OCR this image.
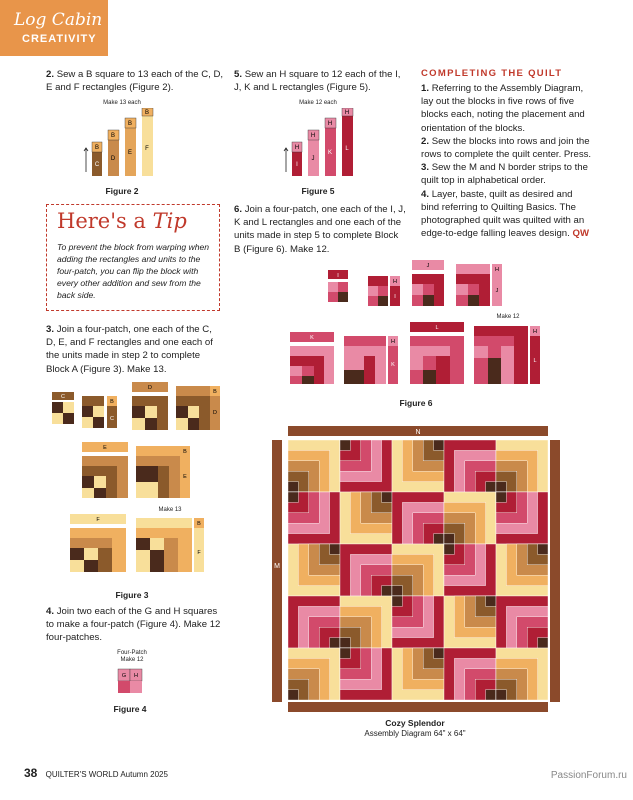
Log Cabin
CREATIVITY
2. Sew a B square to 13 each of the C, D, E and F rectangles (Figure 2).
Make 13 each
C
D
E
F
B
B
B
B
Figure 2
Here's a Tip
To prevent the block from warping when adding the rectangles and units to the four-patch, you can flip the block with every other addition and sew from the back side.
3. Join a four-patch, one each of the C, D, E, and F rectangles and one each of the units made in step 2 to complete Block A (Figure 3). Make 13.
C
B
C
D
B
D
E
B
E
F
B
F
Make 13
Figure 3
4. Join two each of the G and H squares to make a four-patch (Figure 4). Make 12 four-patches.
Four-Patch
Make 12
G H
Figure 4
5. Sew an H square to 12 each of the I, J, K and L rectangles (Figure 5).
Make 12 each
I
J
K
L
H
H
H
H
Figure 5
6. Join a four-patch, one each of the I, J, K and L rectangles and one each of the units made in step 5 to complete Block B (Figure 6). Make 12.
COMPLETING THE QUILT
1. Referring to the Assembly Diagram, lay out the blocks in five rows of five blocks each, noting the placement and orientation of the blocks.
2. Sew the blocks into rows and join the rows to complete the quilt center. Press.
3. Sew the M and N border strips to the quilt top in alphabetical order.
4. Layer, baste, quilt as desired and bind referring to Quilting Basics. The photographed quilt was quilted with an edge-to-edge falling leaves design. QW
I
H
I
J
H
J
K
H
K
L
H
L
Make 12
Figure 6
N
M
Cozy Splendor
Assembly Diagram 64" x 64"
38 QUILTER'S WORLD Autumn 2025	PassionForum.ru
